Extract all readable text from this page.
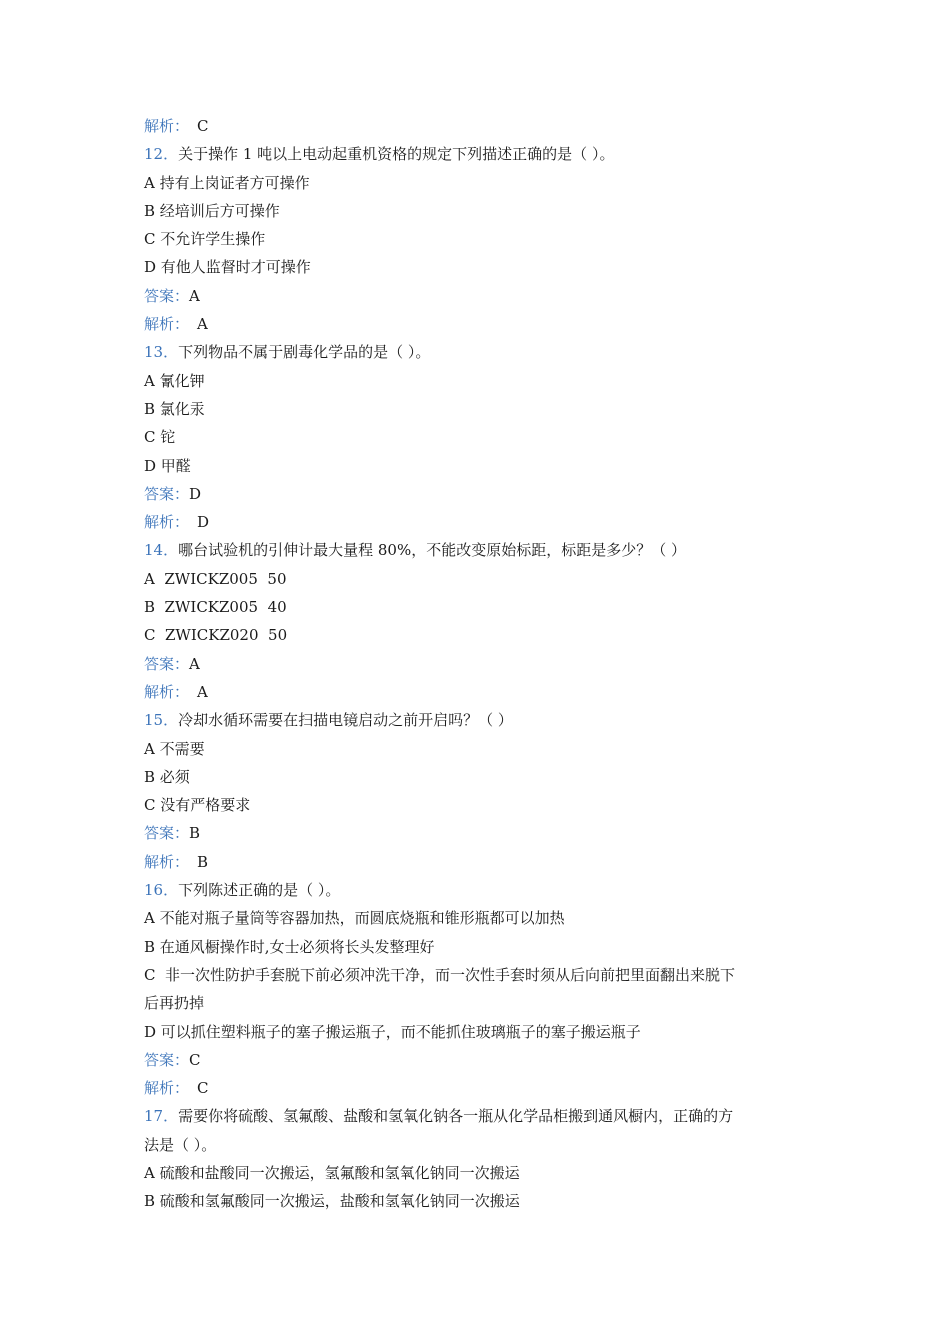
解析： C
12．关于操作 1 吨以上电动起重机资格的规定下列描述正确的是（ ）。
A 持有上岗证者方可操作
B 经培训后方可操作
C 不允许学生操作
D 有他人监督时才可操作
答案：A
解析： A
13．下列物品不属于剧毒化学品的是（ ）。
A 氰化钾
B 氯化汞
C 铊
D 甲醛
答案：D
解析： D
14．哪台试验机的引伸计最大量程 80%，不能改变原始标距，标距是多少？（ ）
A  ZWICKZ005  50
B  ZWICKZ005  40
C  ZWICKZ020  50
答案：A
解析： A
15．冷却水循环需要在扫描电镜启动之前开启吗？（ ）
A 不需要
B 必须
C 没有严格要求
答案：B
解析： B
16．下列陈述正确的是（ ）。
A 不能对瓶子量筒等容器加热，而圆底烧瓶和锥形瓶都可以加热
B 在通风橱操作时,女士必须将长头发整理好
C  非一次性防护手套脱下前必须冲洗干净，而一次性手套时须从后向前把里面翻出来脱下
后再扔掉
D 可以抓住塑料瓶子的塞子搬运瓶子，而不能抓住玻璃瓶子的塞子搬运瓶子
答案：C
解析： C
17．需要你将硫酸、氢氟酸、盐酸和氢氧化钠各一瓶从化学品柜搬到通风橱内，正确的方
法是（ ）。
A 硫酸和盐酸同一次搬运，氢氟酸和氢氧化钠同一次搬运
B 硫酸和氢氟酸同一次搬运，盐酸和氢氧化钠同一次搬运
